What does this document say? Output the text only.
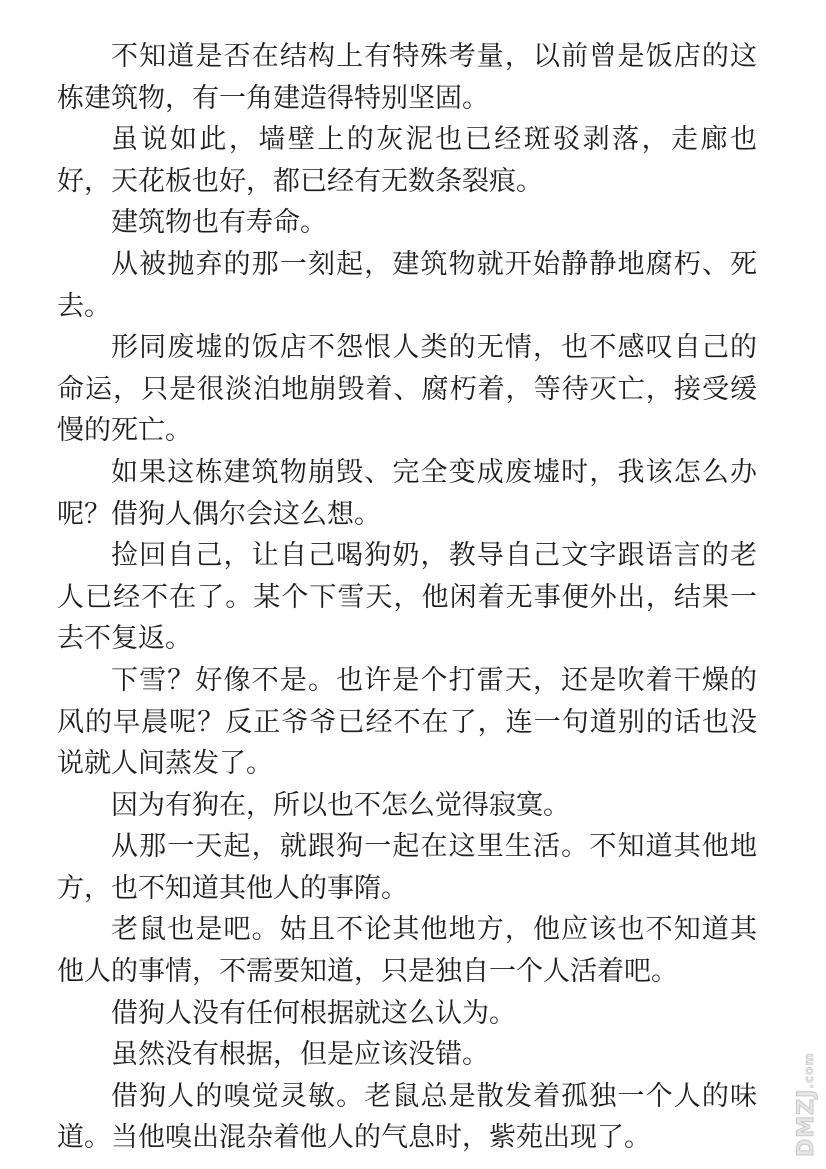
不知道是否在结构上有特殊考量，以前曾是饭店的这栋建筑物，有一角建造得特别坚固。

虽说如此，墙壁上的灰泥也已经斑驳剥落，走廊也好，天花板也好，都已经有无数条裂痕。

建筑物也有寿命。

从被抛弃的那一刻起，建筑物就开始静静地腐朽、死去。

形同废墟的饭店不怨恨人类的无情，也不感叹自己的命运，只是很淡泊地崩毁着、腐朽着，等待灭亡，接受缓慢的死亡。

如果这栋建筑物崩毁、完全变成废墟时，我该怎么办呢？借狗人偶尔会这么想。

捡回自己，让自己喝狗奶，教导自己文字跟语言的老人已经不在了。某个下雪天，他闲着无事便外出，结果一去不复返。

下雪？好像不是。也许是个打雷天，还是吹着干燥的风的早晨呢？反正爷爷已经不在了，连一句道别的话也没说就人间蒸发了。

因为有狗在，所以也不怎么觉得寂寞。

从那一天起，就跟狗一起在这里生活。不知道其他地方，也不知道其他人的事隋。

老鼠也是吧。姑且不论其他地方，他应该也不知道其他人的事情，不需要知道，只是独自一个人活着吧。

借狗人没有任何根据就这么认为。

虽然没有根据，但是应该没错。

借狗人的嗅觉灵敏。老鼠总是散发着孤独一个人的味道。当他嗅出混杂着他人的气息时，紫苑出现了。	DMZJ.com
